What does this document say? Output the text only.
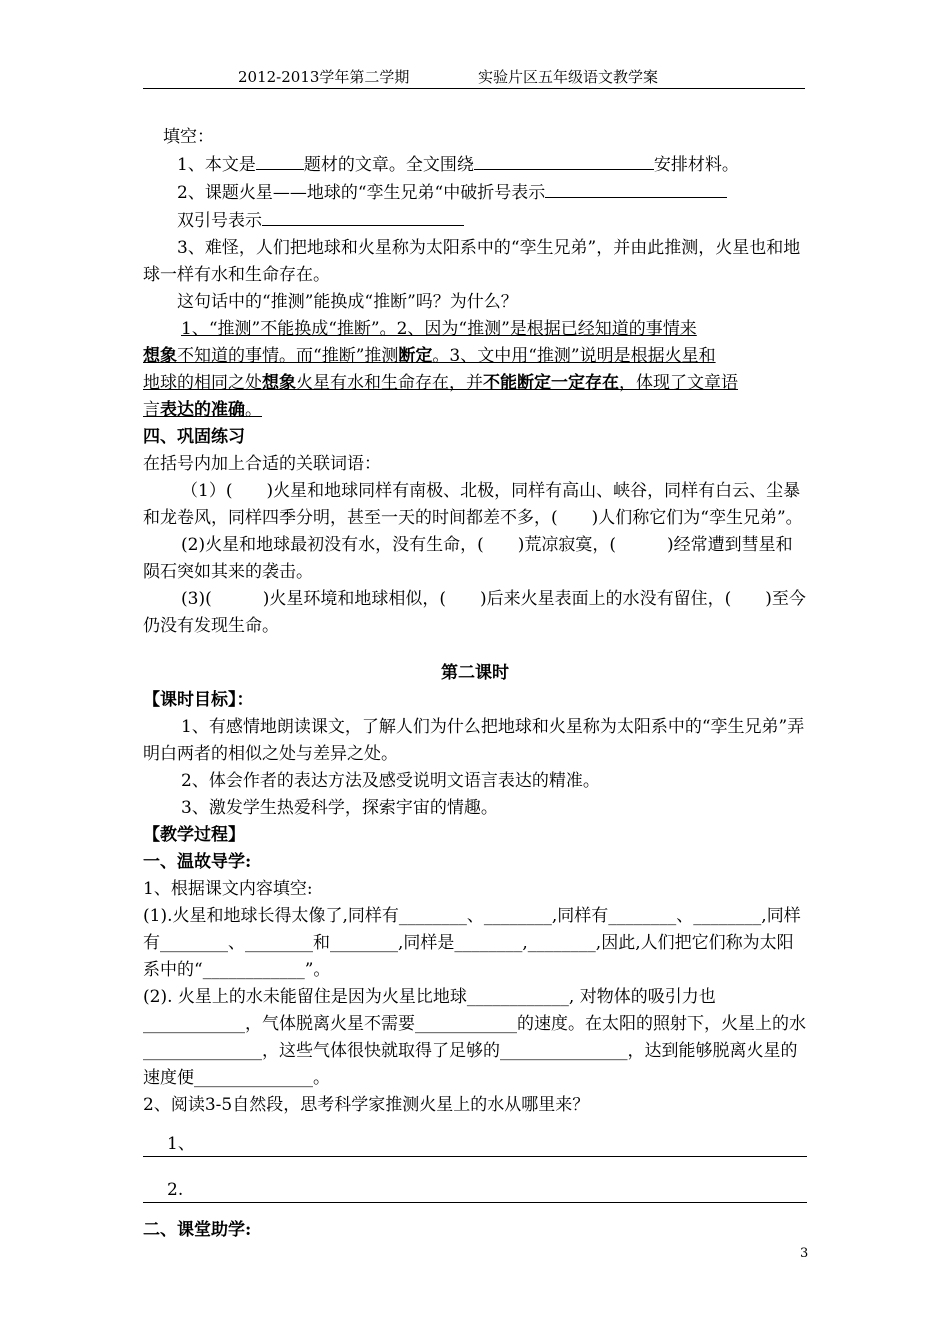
2012-2013学年第二学期	实验片区五年级语文教学案

填空：

1、本文是	题材的文章。全文围绕	安排材料。

2、课题火星——地球的“孪生兄弟“中破折号表示

双引号表示

3、难怪，人们把地球和火星称为太阳系中的“孪生兄弟”，并由此推测，火星也和地球一样有水和生命存在。

这句话中的“推测”能换成“推断”吗？为什么？

1、“推测”不能换成“推断”。2、因为“推测”是根据已经知道的事情来

想象不知道的事情。而“推断”推测断定。3、文中用“推测”说明是根据火星和

地球的相同之处想象火星有水和生命存在，并不能断定一定存在，体现了文章语

言表达的准确。

四、巩固练习

在括号内加上合适的关联词语：

（1）(　　)火星和地球同样有南极、北极，同样有高山、峡谷，同样有白云、尘暴和龙卷风，同样四季分明，甚至一天的时间都差不多，(　　)人们称它们为“孪生兄弟”。

(2)火星和地球最初没有水，没有生命，(　　)荒凉寂寞，(　　　)经常遭到彗星和陨石突如其来的袭击。

(3)(　　　)火星环境和地球相似，(　　)后来火星表面上的水没有留住，(　　)至今仍没有发现生命。

第二课时

【课时目标】：

1、有感情地朗读课文，了解人们为什么把地球和火星称为太阳系中的“孪生兄弟”弄明白两者的相似之处与差异之处。

2、体会作者的表达方法及感受说明文语言表达的精准。

3、激发学生热爱科学，探索宇宙的情趣。

【教学过程】

一、温故导学:

1、根据课文内容填空:

(1).火星和地球长得太像了,同样有________、________,同样有________、________,同样有________、________和________,同样是________,________,因此,人们把它们称为太阳系中的“____________”。

(2). 火星上的水未能留住是因为火星比地球____________, 对物体的吸引力也____________，气体脱离火星不需要____________的速度。在太阳的照射下，火星上的水______________，这些气体很快就取得了足够的_______________，达到能够脱离火星的速度便______________。

2、阅读3-5自然段，思考科学家推测火星上的水从哪里来？

1、
2.

二、课堂助学:

3
